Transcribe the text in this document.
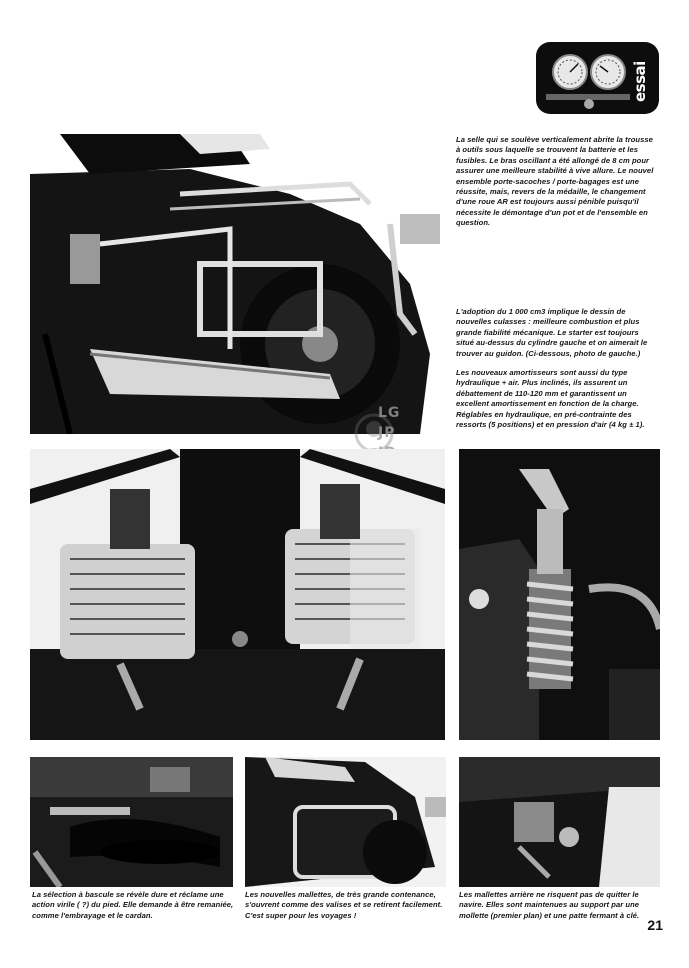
essai
LG
JP

La selle qui se soulève verticalement abrite la trousse à outils sous laquelle se trouvent la batterie et les fusibles. Le bras oscillant a été allongé de 8 cm pour assurer une meilleure stabilité à vive allure. Le nouvel ensemble porte-sacoches / porte-bagages est une réussite, mais, revers de la médaille, le changement d'une roue AR est toujours aussi pénible puisqu'il nécessite le démontage d'un pot et de l'ensemble en question.

L'adoption du 1 000 cm3 implique le dessin de nouvelles culasses : meilleure combustion et plus grande fiabilité mécanique. Le starter est toujours situé au-dessus du cylindre gauche et on aimerait le trouver au guidon. (Ci-dessous, photo de gauche.)

Les nouveaux amortisseurs sont aussi du type hydraulique + air. Plus inclinés, ils assurent un débattement de 110-120 mm et garantissent un excellent amortissement en fonction de la charge. Réglables en hydraulique, en pré-contrainte des ressorts (5 positions) et en pression d'air (4 kg ± 1).

La sélection à bascule se révèle dure et réclame une action virile ( ?) du pied. Elle demande à être remaniée, comme l'embrayage et le cardan.

Les nouvelles mallettes, de très grande contenance, s'ouvrent comme des valises et se retirent facilement. C'est super pour les voyages !

Les mallettes arrière ne risquent pas de quitter le navire. Elles sont maintenues au support par une mollette (premier plan) et une patte fermant à clé.

21
